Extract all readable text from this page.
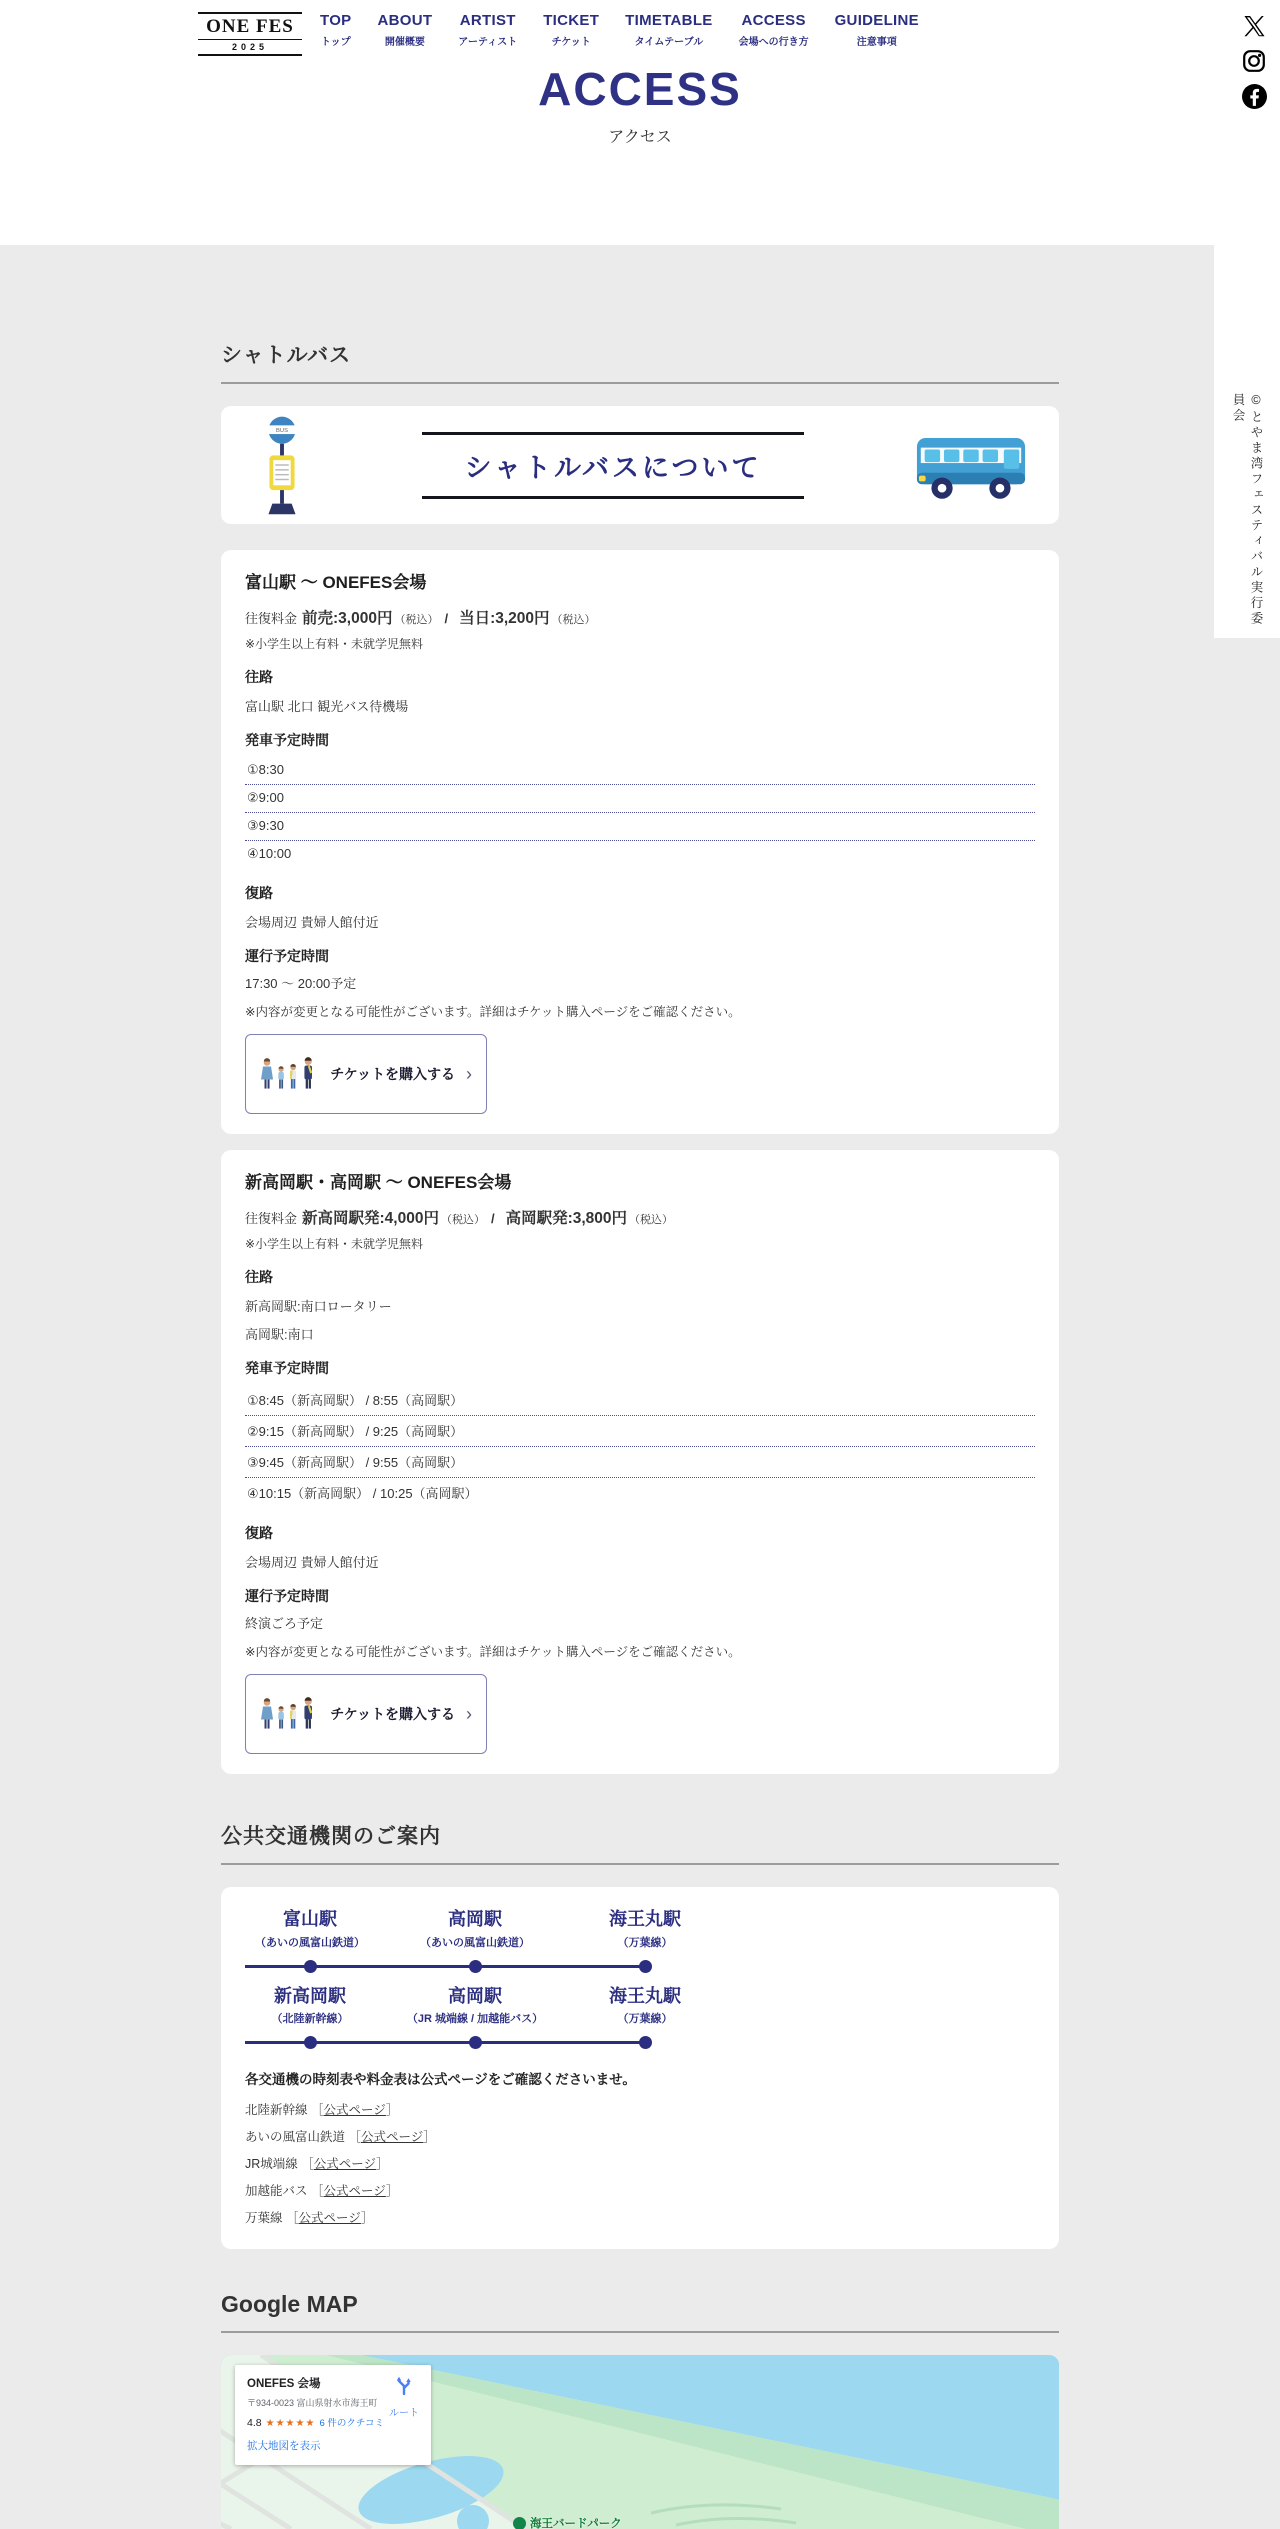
ONE FES
2025
TOP
トップ
ABOUT
開催概要
ARTIST
アーティスト
TICKET
チケット
TIMETABLE
タイムテーブル
ACCESS
会場への行き方
GUIDELINE
注意事項
ACCESS
アクセス
©とやま湾フェスティバル実行委員会
シャトルバス
BUS
シャトルバスについて
富山駅 〜 ONEFES会場
往復料金 前売:3,000円 （税込） / 当日:3,200円 （税込）
※小学生以上有料・未就学児無料
往路
富山駅 北口 観光バス待機場
発車予定時間
①8:30
②9:00
③9:30
④10:00
復路
会場周辺 貴婦人館付近
運行予定時間
17:30 〜 20:00予定
※内容が変更となる可能性がございます。詳細はチケット購入ページをご確認ください。
チケットを購入する ›
新高岡駅・高岡駅 〜 ONEFES会場
往復料金 新高岡駅発:4,000円 （税込） / 高岡駅発:3,800円 （税込）
※小学生以上有料・未就学児無料
往路
新高岡駅:南口ロータリー
高岡駅:南口
発車予定時間
①8:45（新高岡駅） / 8:55（高岡駅）
②9:15（新高岡駅） / 9:25（高岡駅）
③9:45（新高岡駅） / 9:55（高岡駅）
④10:15（新高岡駅） / 10:25（高岡駅）
復路
会場周辺 貴婦人館付近
運行予定時間
終演ごろ予定
※内容が変更となる可能性がございます。詳細はチケット購入ページをご確認ください。
チケットを購入する ›
公共交通機関のご案内
富山駅
（あいの風富山鉄道）
高岡駅
（あいの風富山鉄道）
海王丸駅
（万葉線）
新高岡駅
（北陸新幹線）
高岡駅
（JR 城端線 / 加越能バス）
海王丸駅
（万葉線）
各交通機の時刻表や料金表は公式ページをご確認くださいませ。
北陸新幹線 ［公式ページ］
あいの風富山鉄道 ［公式ページ］
JR城端線 ［公式ページ］
加越能バス ［公式ページ］
万葉線 ［公式ページ］
Google MAP
ONEFES 会場
〒934-0023 富山県射水市海王町
4.8 ★★★★★ 6 件のクチコミ
拡大地図を表示
ルート
海王バードパーク
